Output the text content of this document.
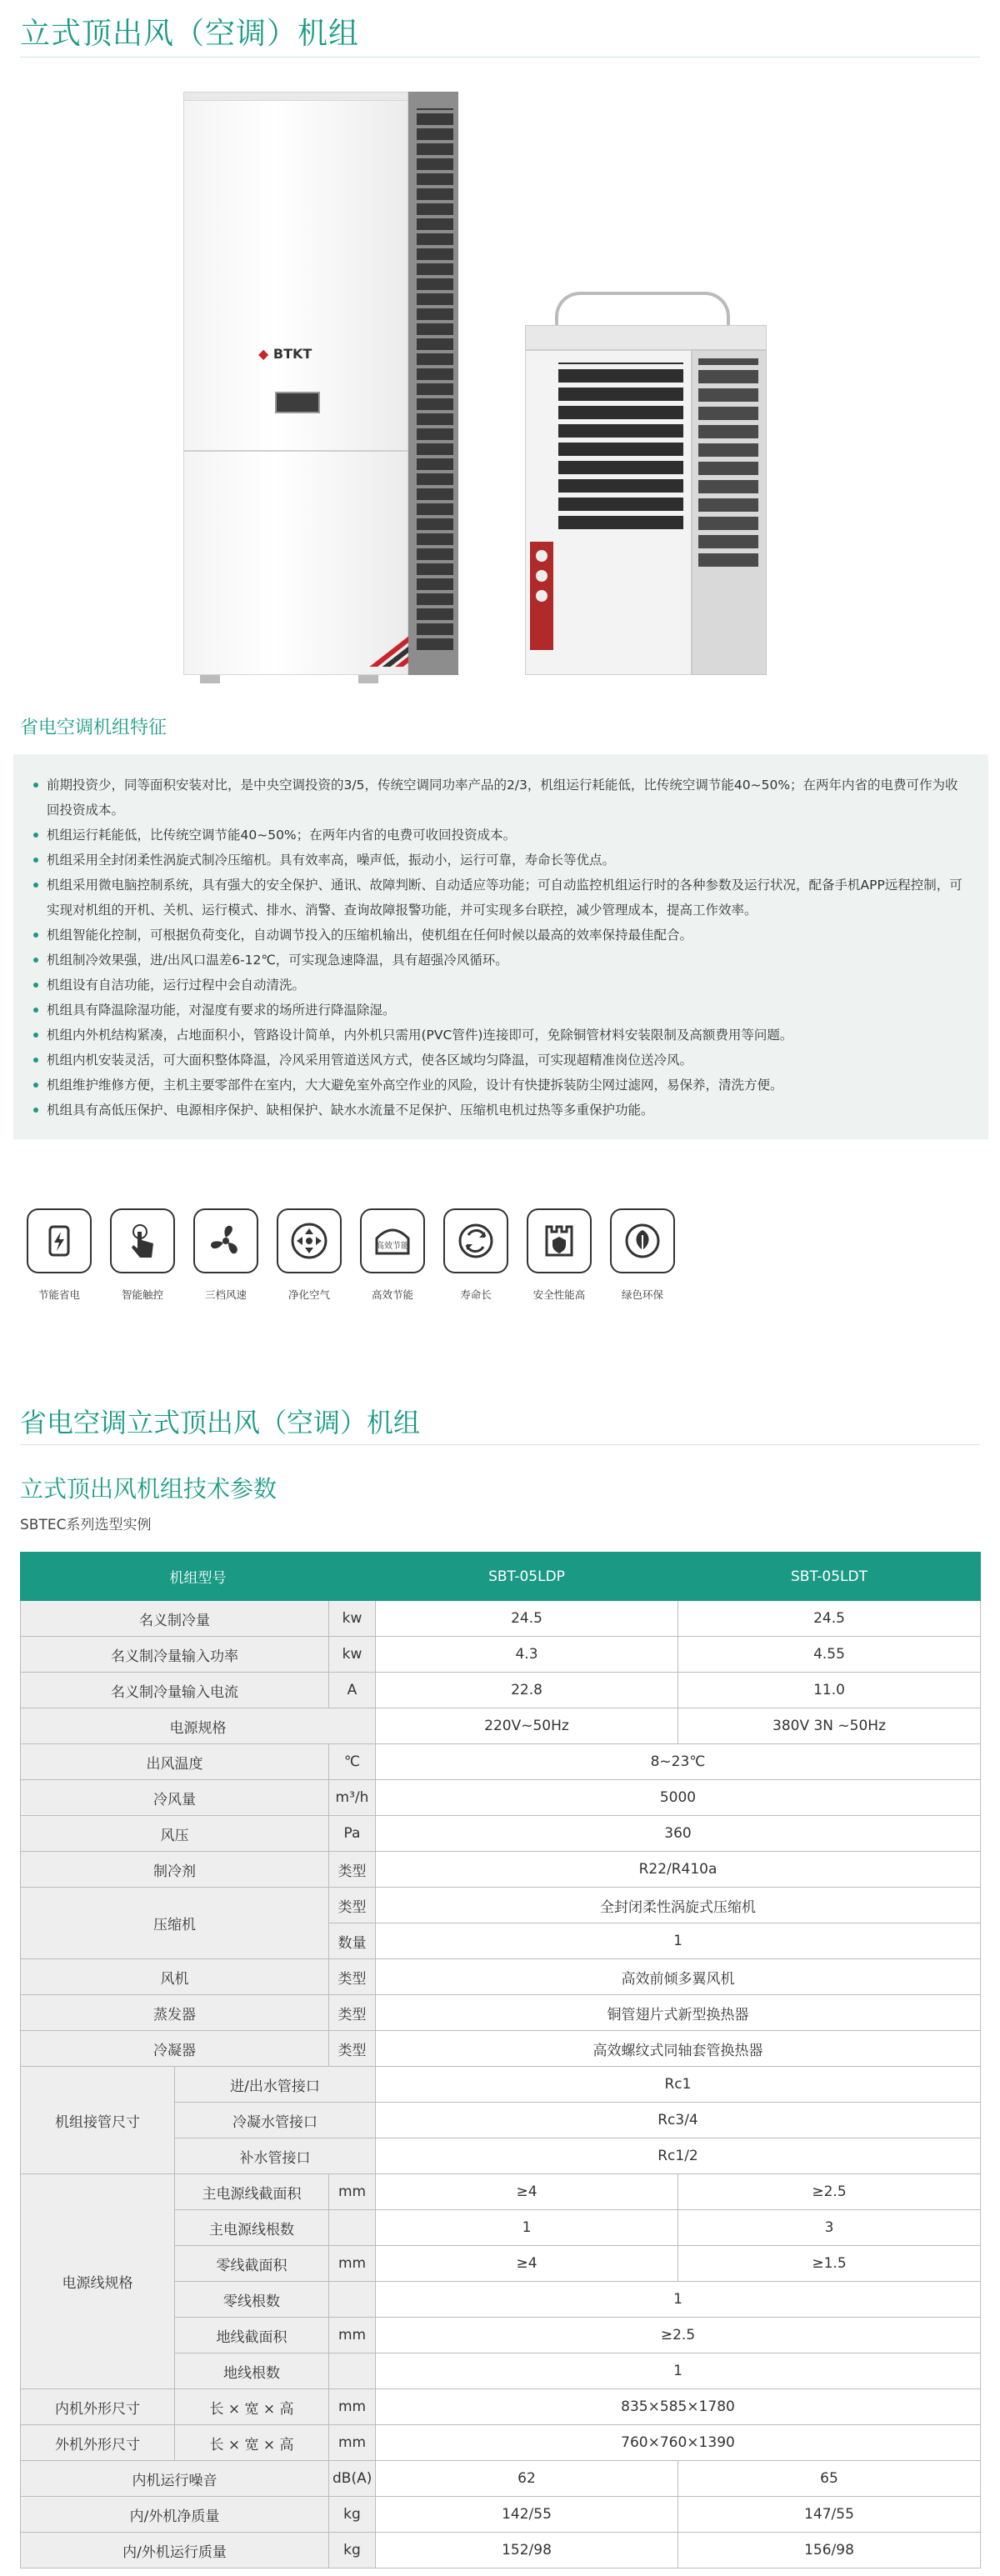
立式顶出风（空调）机组
◆ BTKT
省电空调机组特征
前期投资少，同等面积安装对比，是中央空调投资的3/5，传统空调同功率产品的2/3，机组运行耗能低，比传统空调节能40~50%；在两年内省的电费可作为收回投资成本。
机组运行耗能低，比传统空调节能40~50%；在两年内省的电费可收回投资成本。
机组采用全封闭柔性涡旋式制冷压缩机。具有效率高，噪声低，振动小，运行可靠，寿命长等优点。
机组采用微电脑控制系统，具有强大的安全保护、通讯、故障判断、自动适应等功能；可自动监控机组运行时的各种参数及运行状况，配备手机APP远程控制，可实现对机组的开机、关机、运行模式、排水、消警、查询故障报警功能，并可实现多台联控，减少管理成本，提高工作效率。
机组智能化控制，可根据负荷变化，自动调节投入的压缩机输出，使机组在任何时候以最高的效率保持最佳配合。
机组制冷效果强，进/出风口温差6-12℃，可实现急速降温，具有超强冷风循环。
机组设有自洁功能，运行过程中会自动清洗。
机组具有降温除湿功能，对湿度有要求的场所进行降温除湿。
机组内外机结构紧凑，占地面积小，管路设计简单，内外机只需用(PVC管件)连接即可，免除铜管材料安装限制及高额费用等问题。
机组内机安装灵活，可大面积整体降温，冷风采用管道送风方式，使各区域均匀降温，可实现超精准岗位送冷风。
机组维护维修方便，主机主要零部件在室内，大大避免室外高空作业的风险，设计有快捷拆装防尘网过滤网，易保养，清洗方便。
机组具有高低压保护、电源相序保护、缺相保护、缺水水流量不足保护、压缩机电机过热等多重保护功能。
节能省电	智能触控	三档风速	净化空气
高效节能
高效节能	寿命长	安全性能高	绿色环保
省电空调立式顶出风（空调）机组
立式顶出风机组技术参数
SBTEC系列选型实例
机组型号			SBT-05LDP	SBT-05LDT
名义制冷量		kw	24.5	24.5
名义制冷量输入功率		kw	4.3	4.55
名义制冷量输入电流		A	22.8	11.0
电源规格			220V~50Hz	380V 3N ~50Hz
出风温度		℃	8~23℃	
冷风量		m³/h	5000	
风压		Pa	360	
制冷剂		类型	R22/R410a	
压缩机		类型	全封闭柔性涡旋式压缩机	
		数量	1	
风机		类型	高效前倾多翼风机	
蒸发器		类型	铜管翅片式新型换热器	
冷凝器		类型	高效螺纹式同轴套管换热器	
机组接管尺寸	进/出水管接口		Rc1	
	冷凝水管接口		Rc3/4	
	补水管接口		Rc1/2	
电源线规格	主电源线截面积	mm	≥4	≥2.5
	主电源线根数		1	3
	零线截面积	mm	≥4	≥1.5
	零线根数		1	
	地线截面积	mm	≥2.5	
	地线根数		1	
内机外形尺寸	长 × 宽 × 高	mm	835×585×1780	
外机外形尺寸	长 × 宽 × 高	mm	760×760×1390	
内机运行噪音		dB(A)	62	65
内/外机净质量		kg	142/55	147/55
内/外机运行质量		kg	152/98	156/98
